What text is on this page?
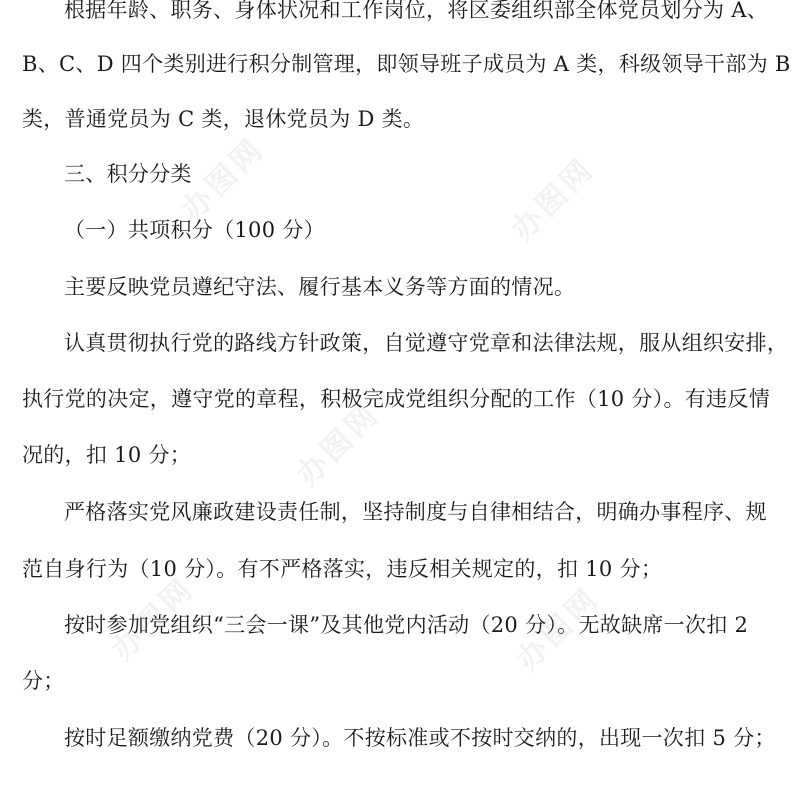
根据年龄、职务、身体状况和工作岗位，将区委组织部全体党员划分为 A、
B、C、D 四个类别进行积分制管理，即领导班子成员为 A 类，科级领导干部为 B
类，普通党员为 C 类，退休党员为 D 类。
三、积分分类
（一）共项积分（100 分）
主要反映党员遵纪守法、履行基本义务等方面的情况。
认真贯彻执行党的路线方针政策，自觉遵守党章和法律法规，服从组织安排，
执行党的决定，遵守党的章程，积极完成党组织分配的工作（10 分）。有违反情
况的，扣 10 分；
严格落实党风廉政建设责任制，坚持制度与自律相结合，明确办事程序、规
范自身行为（10 分）。有不严格落实，违反相关规定的，扣 10 分；
按时参加党组织“三会一课”及其他党内活动（20 分）。无故缺席一次扣 2
分；
按时足额缴纳党费（20 分）。不按标准或不按时交纳的，出现一次扣 5 分；
办图网	办图网
办图网
办图网	办图网
